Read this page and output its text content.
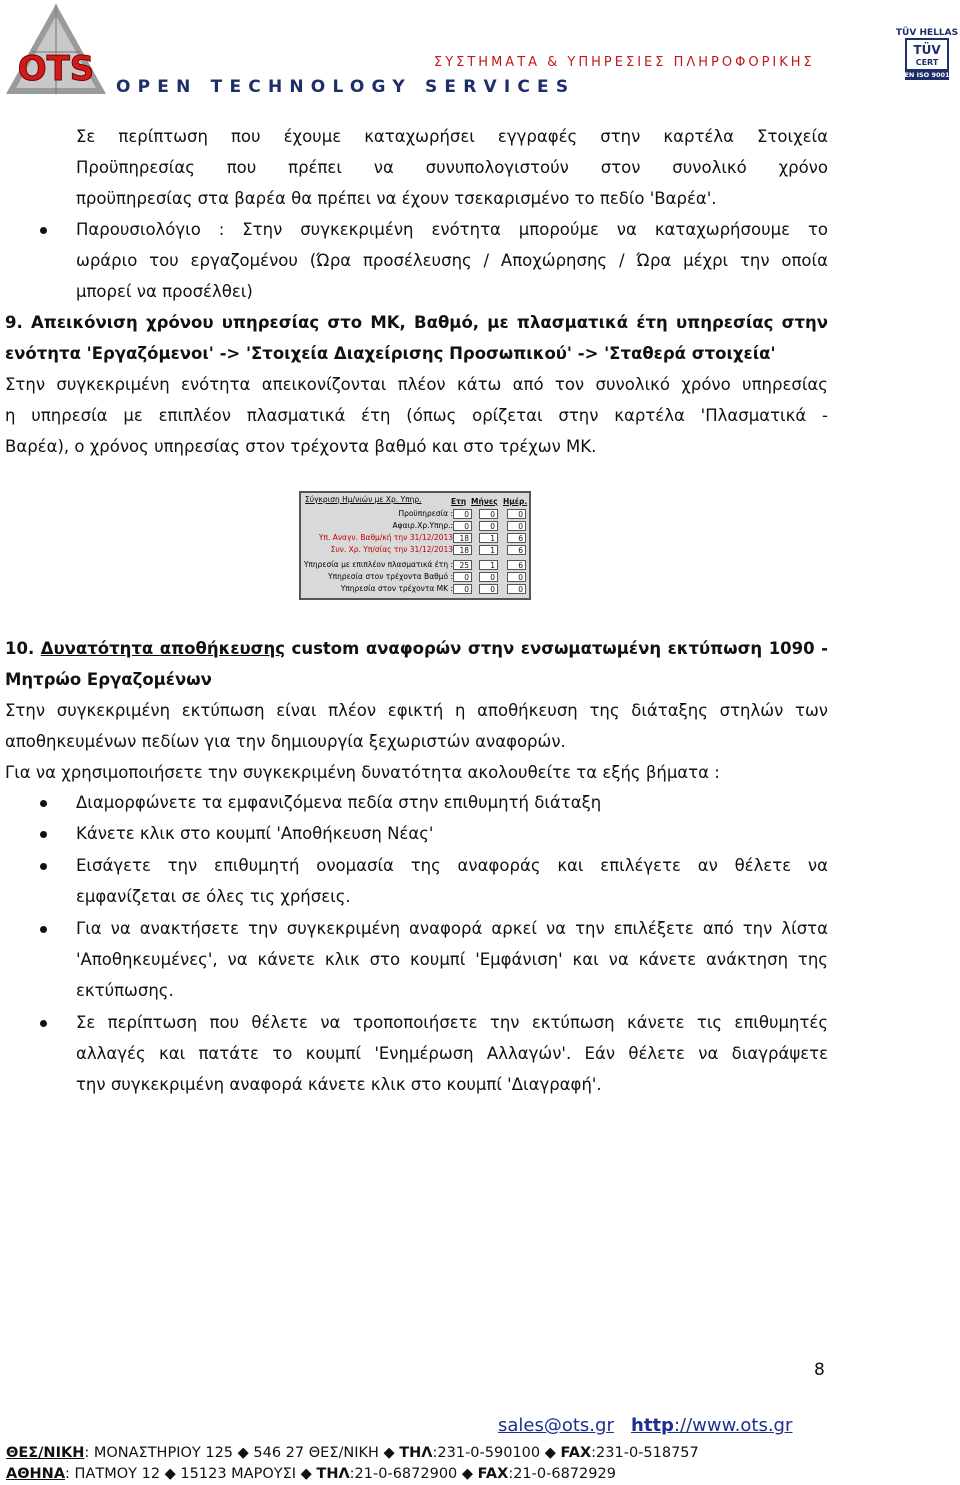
OTS	ΣΥΣΤΗΜΑΤΑ & ΥΠΗΡΕΣΙΕΣ ΠΛΗΡΟΦΟΡΙΚΗΣ
OPEN TECHNOLOGY SERVICES
TÜV HELLAS
TÜV
CERT
EN ISO 9001
Σε περίπτωση που έχουμε καταχωρήσει εγγραφές στην καρτέλα Στοιχεία
Προϋπηρεσίας που πρέπει να συνυπολογιστούν στον συνολικό χρόνο
προϋπηρεσίας στα βαρέα θα πρέπει να έχουν τσεκαρισμένο το πεδίο 'Βαρέα'.
Παρουσιολόγιο : Στην συγκεκριμένη ενότητα μπορούμε να καταχωρήσουμε το
ωράριο του εργαζομένου (Ώρα προσέλευσης / Αποχώρησης / Ώρα μέχρι την οποία
μπορεί να προσέλθει)
9. Απεικόνιση χρόνου υπηρεσίας στο ΜΚ, Βαθμό, με πλασματικά έτη υπηρεσίας στην
ενότητα 'Εργαζόμενοι' -> 'Στοιχεία Διαχείρισης Προσωπικού' -> 'Σταθερά στοιχεία'
Στην συγκεκριμένη ενότητα απεικονίζονται πλέον κάτω από τον συνολικό χρόνο υπηρεσίας
η υπηρεσία με επιπλέον πλασματικά έτη (όπως ορίζεται στην καρτέλα 'Πλασματικά -
Βαρέα), ο χρόνος υπηρεσίας στον τρέχοντα βαθμό και στο τρέχων ΜΚ.
Σύγκριση Ημ/νιών με Χρ. Υπηρ.	Ετη Μήνες Ημέρ.
Προϋπηρεσία :	0	0	0
Αφαιρ.Χρ.Υπηρ.:	0	0	0
Υπ. Αναγν. Βαθμ/κή την 31/12/2013 18	1	6
Συν. Χρ. Υπ/σίας την 31/12/2013 18	1	6
Υπηρεσία με επιπλέον πλασματικά έτη : 25	1	6
Υπηρεσία στον τρέχοντα Βαθμό :	0	0	0
Υπηρεσία στον τρέχοντα ΜΚ :	0	0	0
10. Δυνατότητα αποθήκευσης custom αναφορών στην ενσωματωμένη εκτύπωση 1090 -
Μητρώο Εργαζομένων
Στην συγκεκριμένη εκτύπωση είναι πλέον εφικτή η αποθήκευση της διάταξης στηλών των
αποθηκευμένων πεδίων για την δημιουργία ξεχωριστών αναφορών.
Για να χρησιμοποιήσετε την συγκεκριμένη δυνατότητα ακολουθείτε τα εξής βήματα :
Διαμορφώνετε τα εμφανιζόμενα πεδία στην επιθυμητή διάταξη
Κάνετε κλικ στο κουμπί 'Αποθήκευση Νέας'
Εισάγετε την επιθυμητή ονομασία της αναφοράς και επιλέγετε αν θέλετε να
εμφανίζεται σε όλες τις χρήσεις.
Για να ανακτήσετε την συγκεκριμένη αναφορά αρκεί να την επιλέξετε από την λίστα
'Αποθηκευμένες', να κάνετε κλικ στο κουμπί 'Εμφάνιση' και να κάνετε ανάκτηση της
εκτύπωσης.
Σε περίπτωση που θέλετε να τροποποιήσετε την εκτύπωση κάνετε τις επιθυμητές
αλλαγές και πατάτε το κουμπί 'Ενημέρωση Αλλαγών'. Εάν θέλετε να διαγράψετε
την συγκεκριμένη αναφορά κάνετε κλικ στο κουμπί 'Διαγραφή'.
8
sales@ots.gr http://www.ots.gr
ΘΕΣ/ΝΙΚΗ: ΜΟΝΑΣΤΗΡΙΟΥ 125 ◆ 546 27 ΘΕΣ/ΝΙΚΗ ◆ ΤΗΛ:231-0-590100 ◆ FAX:231-0-518757
ΑΘΗΝΑ: ΠΑΤΜΟΥ 12 ◆ 15123 ΜΑΡΟΥΣΙ ◆ ΤΗΛ:21-0-6872900 ◆ FAX:21-0-6872929
